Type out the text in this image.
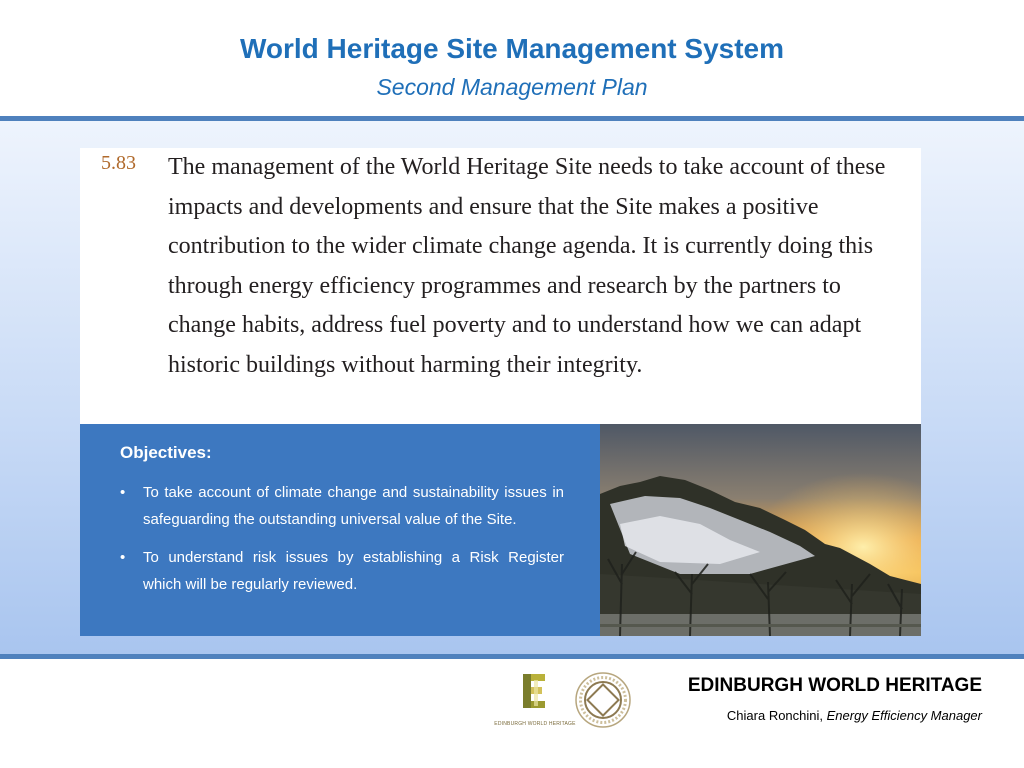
World Heritage Site Management System
Second Management Plan
5.83 The management of the World Heritage Site needs to take account of these impacts and developments and ensure that the Site makes a positive contribution to the wider climate change agenda. It is currently doing this through energy efficiency programmes and research by the partners to change habits, address fuel poverty and to understand how we can adapt historic buildings without harming their integrity.
Objectives:
• To take account of climate change and sustainability issues in safeguarding the outstanding universal value of the Site.
• To understand risk issues by establishing a Risk Register which will be regularly reviewed.
EDINBURGH WORLD HERITAGE
EDINBURGH WORLD HERITAGE
Chiara Ronchini, Energy Efficiency Manager
